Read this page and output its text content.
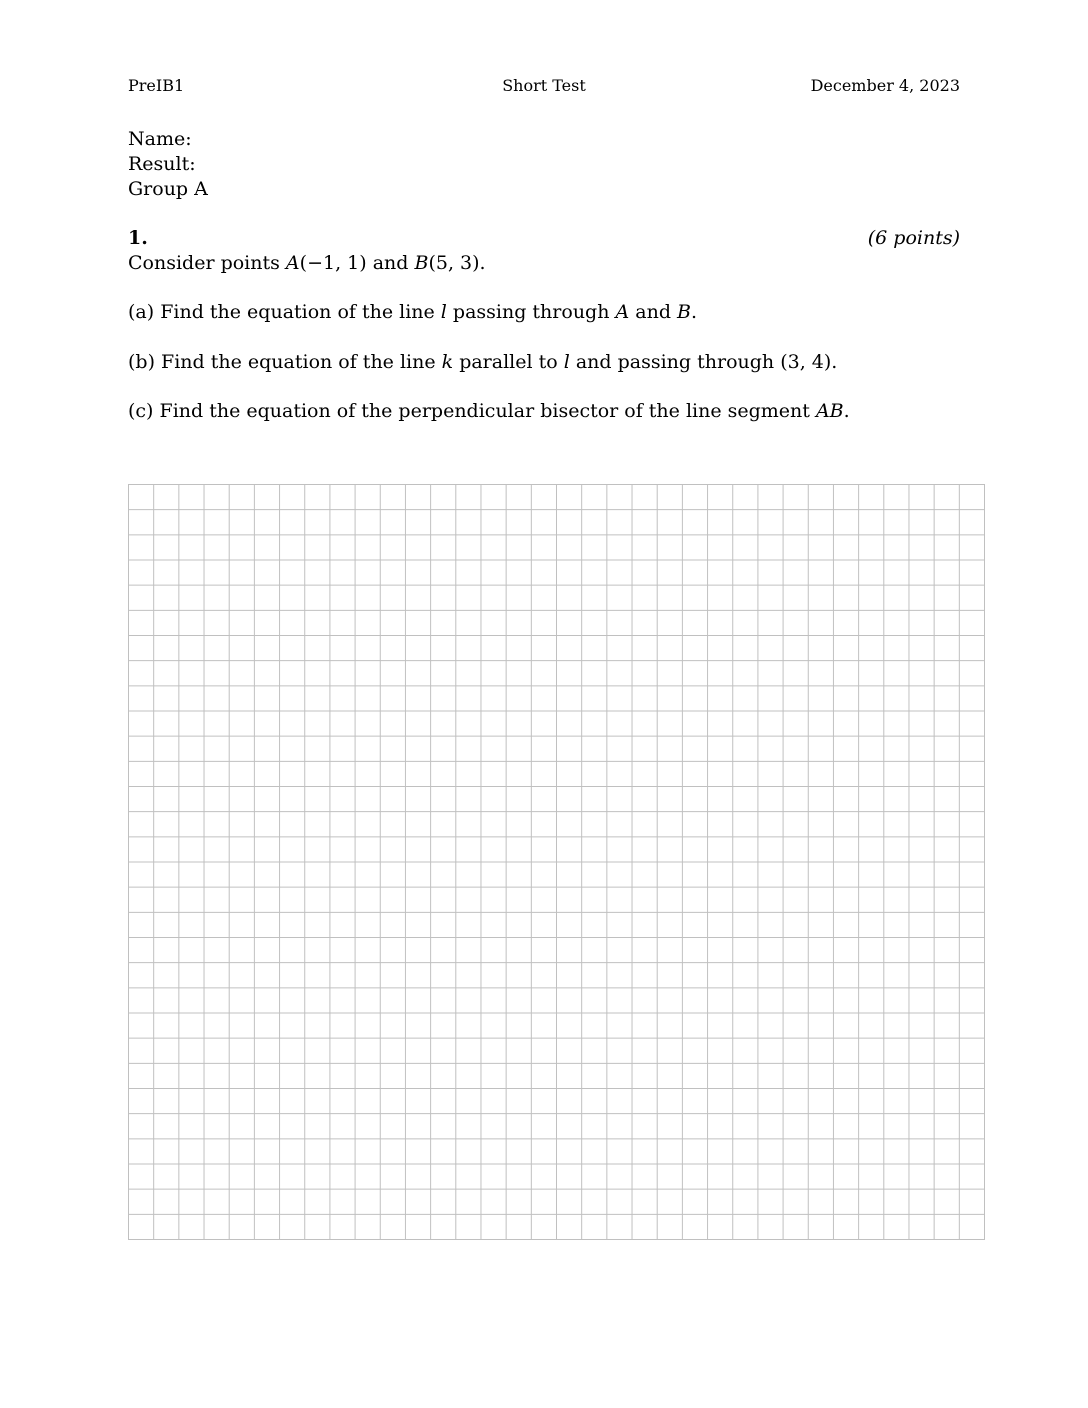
PreIB1	Short Test	December 4, 2023
Name:
Result:
Group A
1.	(6 points)
Consider points A(−1, 1) and B(5, 3).
(a) Find the equation of the line l passing through A and B.
(b) Find the equation of the line k parallel to l and passing through (3, 4).
(c) Find the equation of the perpendicular bisector of the line segment AB.
